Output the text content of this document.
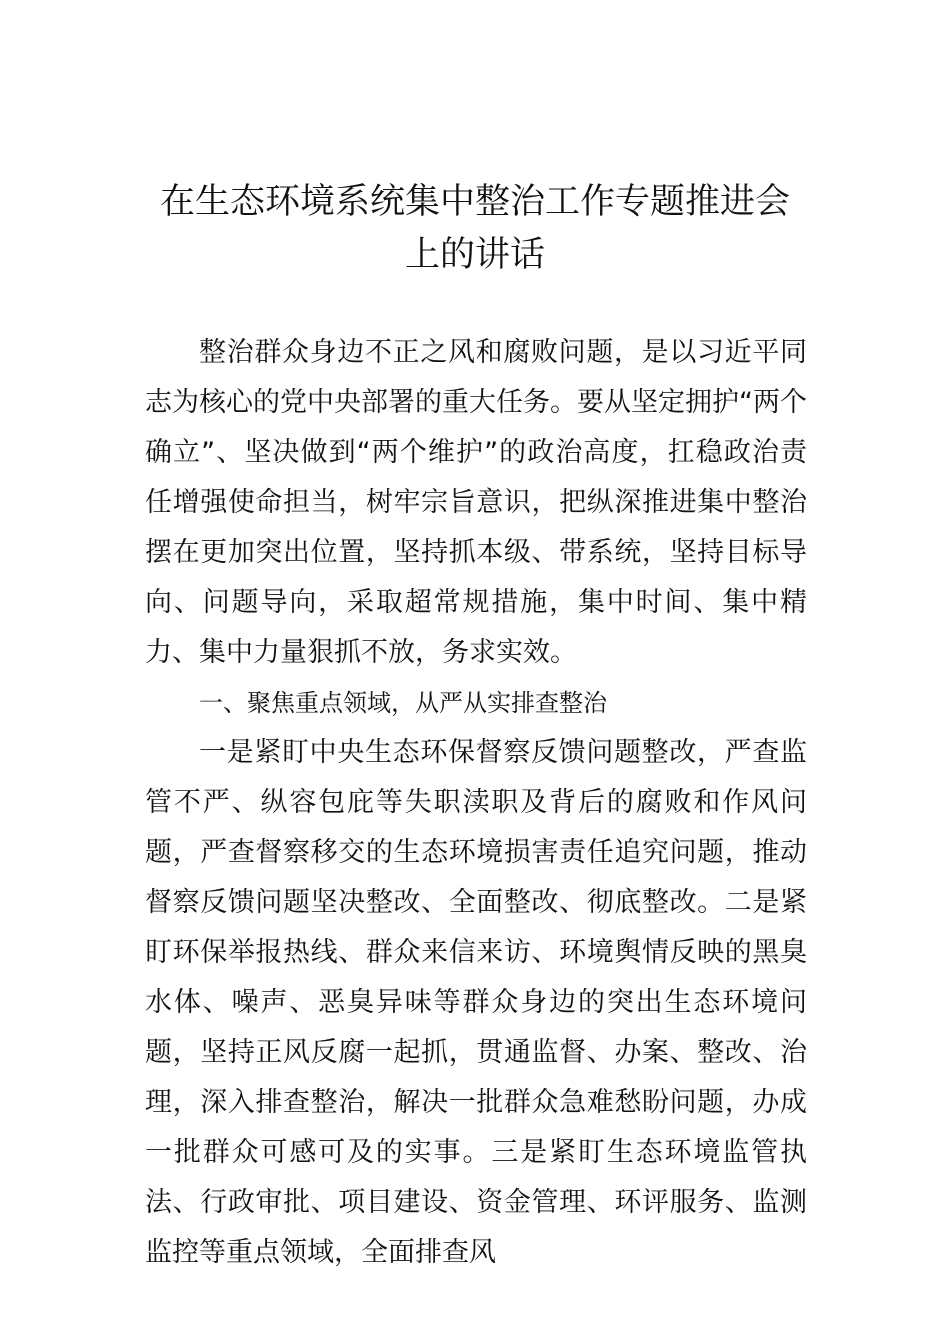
在生态环境系统集中整治工作专题推进会上的讲话

整治群众身边不正之风和腐败问题，是以习近平同志为核心的党中央部署的重大任务。要从坚定拥护“两个确立”、坚决做到“两个维护”的政治高度，扛稳政治责任增强使命担当，树牢宗旨意识，把纵深推进集中整治摆在更加突出位置，坚持抓本级、带系统，坚持目标导向、问题导向，采取超常规措施，集中时间、集中精力、集中力量狠抓不放，务求实效。

一、聚焦重点领域，从严从实排查整治

一是紧盯中央生态环保督察反馈问题整改，严查监管不严、纵容包庇等失职渎职及背后的腐败和作风问题，严查督察移交的生态环境损害责任追究问题，推动督察反馈问题坚决整改、全面整改、彻底整改。二是紧盯环保举报热线、群众来信来访、环境舆情反映的黑臭水体、噪声、恶臭异味等群众身边的突出生态环境问题，坚持正风反腐一起抓，贯通监督、办案、整改、治理，深入排查整治，解决一批群众急难愁盼问题，办成一批群众可感可及的实事。三是紧盯生态环境监管执法、行政审批、项目建设、资金管理、环评服务、监测监控等重点领域，全面排查风
